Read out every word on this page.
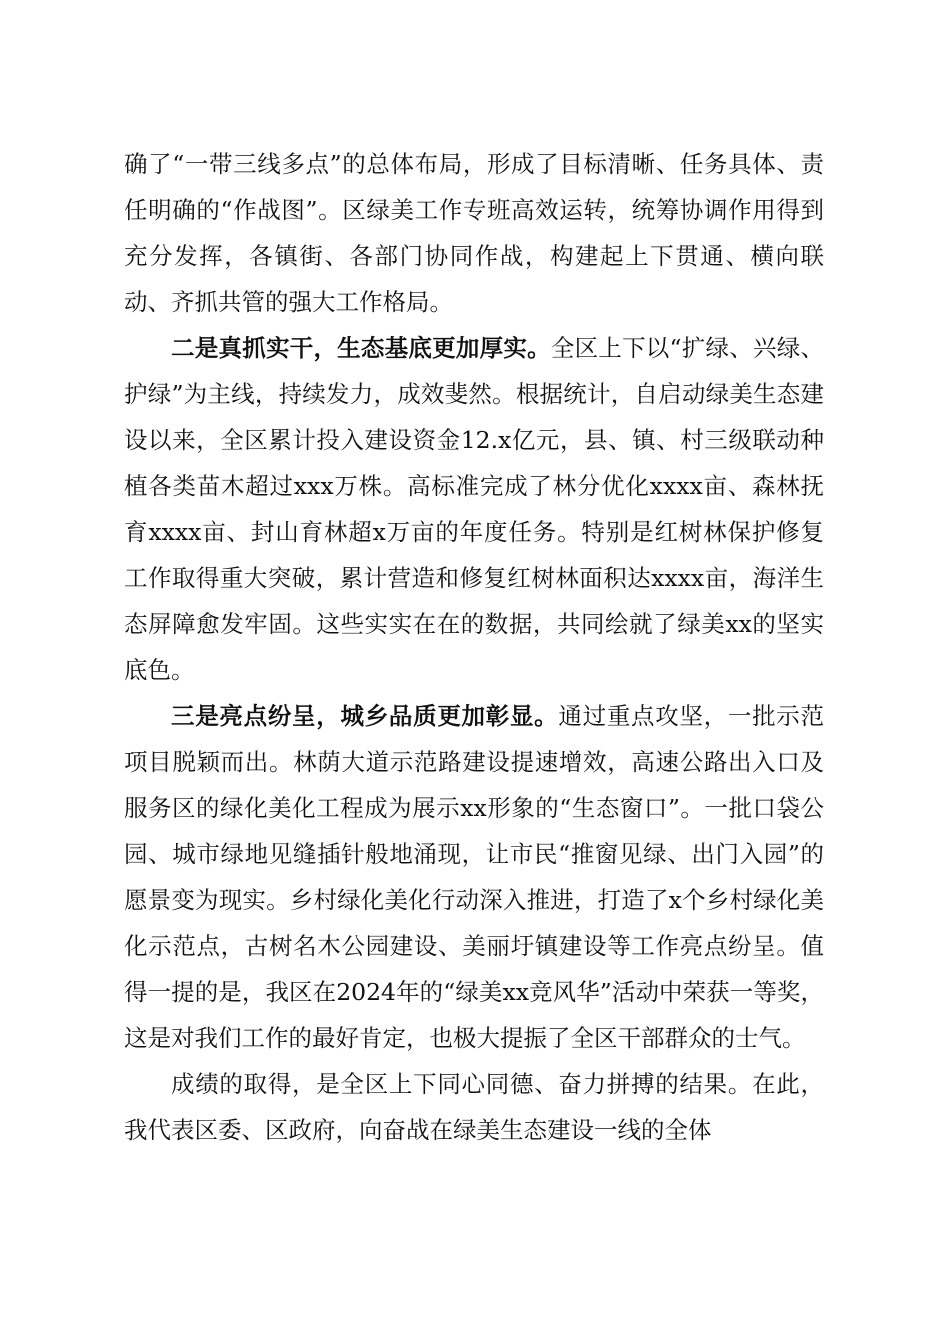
确了“一带三线多点”的总体布局，形成了目标清晰、任务具体、责任明确的“作战图”。区绿美工作专班高效运转，统筹协调作用得到充分发挥，各镇街、各部门协同作战，构建起上下贯通、横向联动、齐抓共管的强大工作格局。

二是真抓实干，生态基底更加厚实。全区上下以“扩绿、兴绿、护绿”为主线，持续发力，成效斐然。根据统计，自启动绿美生态建设以来，全区累计投入建设资金12.x亿元，县、镇、村三级联动种植各类苗木超过xxx万株。高标准完成了林分优化xxxx亩、森林抚育xxxx亩、封山育林超x万亩的年度任务。特别是红树林保护修复工作取得重大突破，累计营造和修复红树林面积达xxxx亩，海洋生态屏障愈发牢固。这些实实在在的数据，共同绘就了绿美xx的坚实底色。

三是亮点纷呈，城乡品质更加彰显。通过重点攻坚，一批示范项目脱颖而出。林荫大道示范路建设提速增效，高速公路出入口及服务区的绿化美化工程成为展示xx形象的“生态窗口”。一批口袋公园、城市绿地见缝插针般地涌现，让市民“推窗见绿、出门入园”的愿景变为现实。乡村绿化美化行动深入推进，打造了x个乡村绿化美化示范点，古树名木公园建设、美丽圩镇建设等工作亮点纷呈。值得一提的是，我区在2024年的“绿美xx竞风华”活动中荣获一等奖，这是对我们工作的最好肯定，也极大提振了全区干部群众的士气。

成绩的取得，是全区上下同心同德、奋力拼搏的结果。在此，我代表区委、区政府，向奋战在绿美生态建设一线的全体
